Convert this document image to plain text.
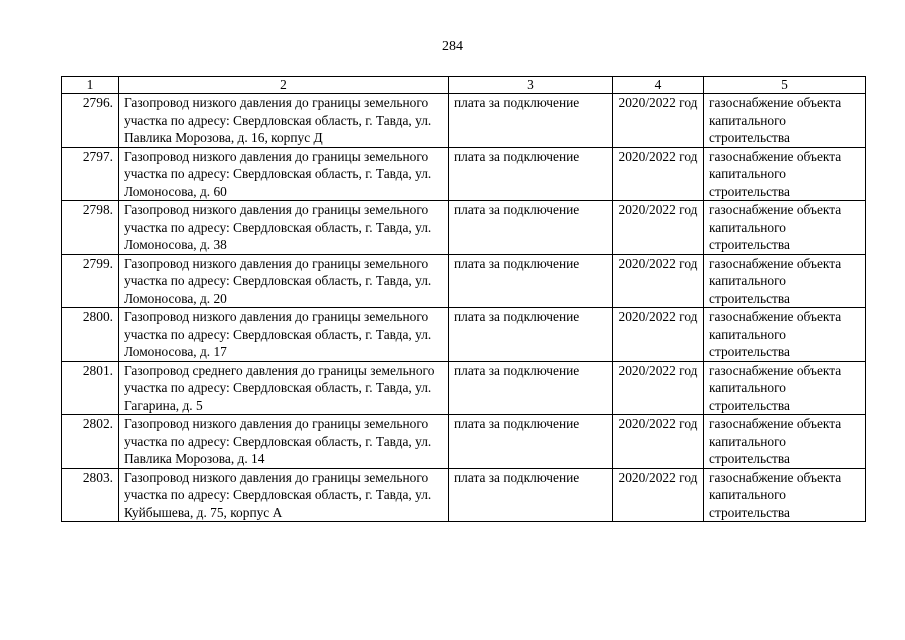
284
1	2	3	4	5
2796.	Газопровод низкого давления до границы земельного участка по адресу: Свердловская область, г. Тавда, ул. Павлика Морозова, д. 16, корпус Д	плата за подключение	2020/2022 год	газоснабжение объекта капитального строительства
2797.	Газопровод низкого давления до границы земельного участка по адресу: Свердловская область, г. Тавда, ул. Ломоносова, д. 60	плата за подключение	2020/2022 год	газоснабжение объекта капитального строительства
2798.	Газопровод низкого давления до границы земельного участка по адресу: Свердловская область, г. Тавда, ул. Ломоносова, д. 38	плата за подключение	2020/2022 год	газоснабжение объекта капитального строительства
2799.	Газопровод низкого давления до границы земельного участка по адресу: Свердловская область, г. Тавда, ул. Ломоносова, д. 20	плата за подключение	2020/2022 год	газоснабжение объекта капитального строительства
2800.	Газопровод низкого давления до границы земельного участка по адресу: Свердловская область, г. Тавда, ул. Ломоносова, д. 17	плата за подключение	2020/2022 год	газоснабжение объекта капитального строительства
2801.	Газопровод среднего давления до границы земельного участка по адресу: Свердловская область, г. Тавда, ул. Гагарина, д. 5	плата за подключение	2020/2022 год	газоснабжение объекта капитального строительства
2802.	Газопровод низкого давления до границы земельного участка по адресу: Свердловская область, г. Тавда, ул. Павлика Морозова, д. 14	плата за подключение	2020/2022 год	газоснабжение объекта капитального строительства
2803.	Газопровод низкого давления до границы земельного участка по адресу: Свердловская область, г. Тавда, ул. Куйбышева, д. 75, корпус А	плата за подключение	2020/2022 год	газоснабжение объекта капитального строительства
